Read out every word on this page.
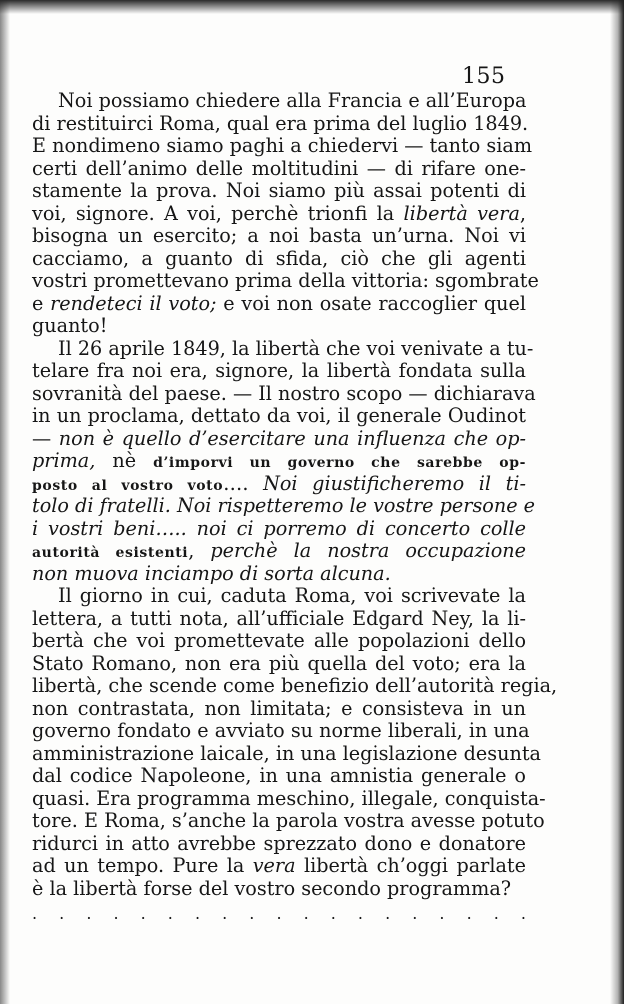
155
Noi possiamo chiedere alla Francia e all’Europa
di restituirci Roma, qual era prima del luglio 1849.
E nondimeno siamo paghi a chiedervi — tanto siam
certi dell’animo delle moltitudini — di rifare one-
stamente la prova. Noi siamo più assai potenti di
voi, signore. A voi, perchè trionfi la libertà vera,
bisogna un esercito; a noi basta un’urna. Noi vi
cacciamo, a guanto di sfida, ciò che gli agenti
vostri promettevano prima della vittoria: sgombrate
e rendeteci il voto; e voi non osate raccoglier quel
guanto!
Il 26 aprile 1849, la libertà che voi venivate a tu-
telare fra noi era, signore, la libertà fondata sulla
sovranità del paese. — Il nostro scopo — dichiarava
in un proclama, dettato da voi, il generale Oudinot
— non è quello d’esercitare una influenza che op-
prima, nè d’imporvi un governo che sarebbe op-
posto al vostro voto…. Noi giustificheremo il ti-
tolo di fratelli. Noi rispetteremo le vostre persone e
i vostri beni….. noi ci porremo di concerto colle
autorità esistenti, perchè la nostra occupazione
non muova inciampo di sorta alcuna.
Il giorno in cui, caduta Roma, voi scrivevate la
lettera, a tutti nota, all’ufficiale Edgard Ney, la li-
bertà che voi promettevate alle popolazioni dello
Stato Romano, non era più quella del voto; era la
libertà, che scende come benefizio dell’autorità regia,
non contrastata, non limitata; e consisteva in un
governo fondato e avviato su norme liberali, in una
amministrazione laicale, in una legislazione desunta
dal codice Napoleone, in una amnistia generale o
quasi. Era programma meschino, illegale, conquista-
tore. E Roma, s’anche la parola vostra avesse potuto
ridurci in atto avrebbe sprezzato dono e donatore
ad un tempo. Pure la vera libertà ch’oggi parlate
è la libertà forse del vostro secondo programma?
. . . . . . . . . . . . . . . . . . .
